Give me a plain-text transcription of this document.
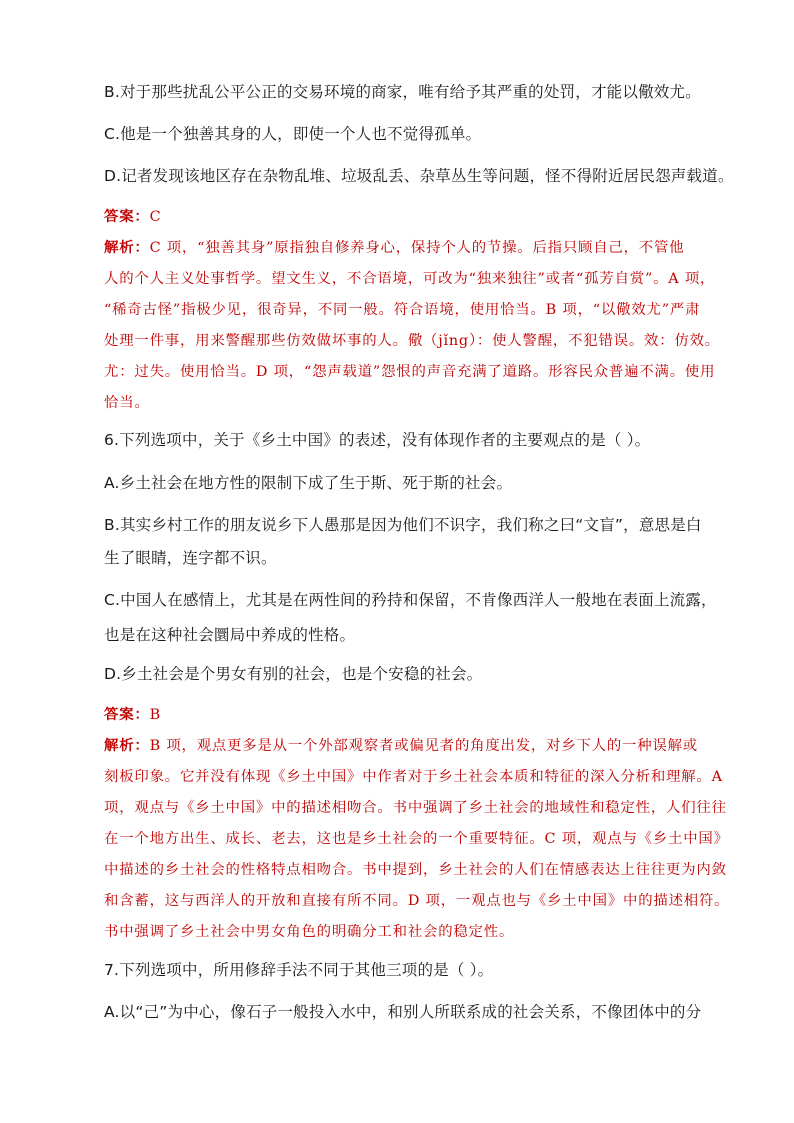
B.对于那些扰乱公平公正的交易环境的商家，唯有给予其严重的处罚，才能以儆效尤。
C.他是一个独善其身的人，即使一个人也不觉得孤单。
D.记者发现该地区存在杂物乱堆、垃圾乱丢、杂草丛生等问题，怪不得附近居民怨声载道。
答案：C
解析：C 项，“独善其身”原指独自修养身心，保持个人的节操。后指只顾自己，不管他
人的个人主义处事哲学。望文生义，不合语境，可改为“独来独往”或者“孤芳自赏”。A 项，
“稀奇古怪”指极少见，很奇异，不同一般。符合语境，使用恰当。B 项，“以儆效尤”严肃
处理一件事，用来警醒那些仿效做坏事的人。儆（jǐng）：使人警醒，不犯错误。效：仿效。
尤：过失。使用恰当。D 项，“怨声载道”怨恨的声音充满了道路。形容民众普遍不满。使用
恰当。
6.下列选项中，关于《乡土中国》的表述，没有体现作者的主要观点的是（ ）。
A.乡土社会在地方性的限制下成了生于斯、死于斯的社会。
B.其实乡村工作的朋友说乡下人愚那是因为他们不识字，我们称之曰“文盲”，意思是白
生了眼睛，连字都不识。
C.中国人在感情上，尤其是在两性间的矜持和保留，不肯像西洋人一般地在表面上流露，
也是在这种社会圜局中养成的性格。
D.乡土社会是个男女有别的社会，也是个安稳的社会。
答案：B
解析：B 项，观点更多是从一个外部观察者或偏见者的角度出发，对乡下人的一种误解或
刻板印象。它并没有体现《乡土中国》中作者对于乡土社会本质和特征的深入分析和理解。A
项，观点与《乡土中国》中的描述相吻合。书中强调了乡土社会的地域性和稳定性，人们往往
在一个地方出生、成长、老去，这也是乡土社会的一个重要特征。C 项，观点与《乡土中国》
中描述的乡土社会的性格特点相吻合。书中提到，乡土社会的人们在情感表达上往往更为内敛
和含蓄，这与西洋人的开放和直接有所不同。D 项，一观点也与《乡土中国》中的描述相符。
书中强调了乡土社会中男女角色的明确分工和社会的稳定性。
7.下列选项中，所用修辞手法不同于其他三项的是（ ）。
A.以“己”为中心，像石子一般投入水中，和别人所联系成的社会关系，不像团体中的分
